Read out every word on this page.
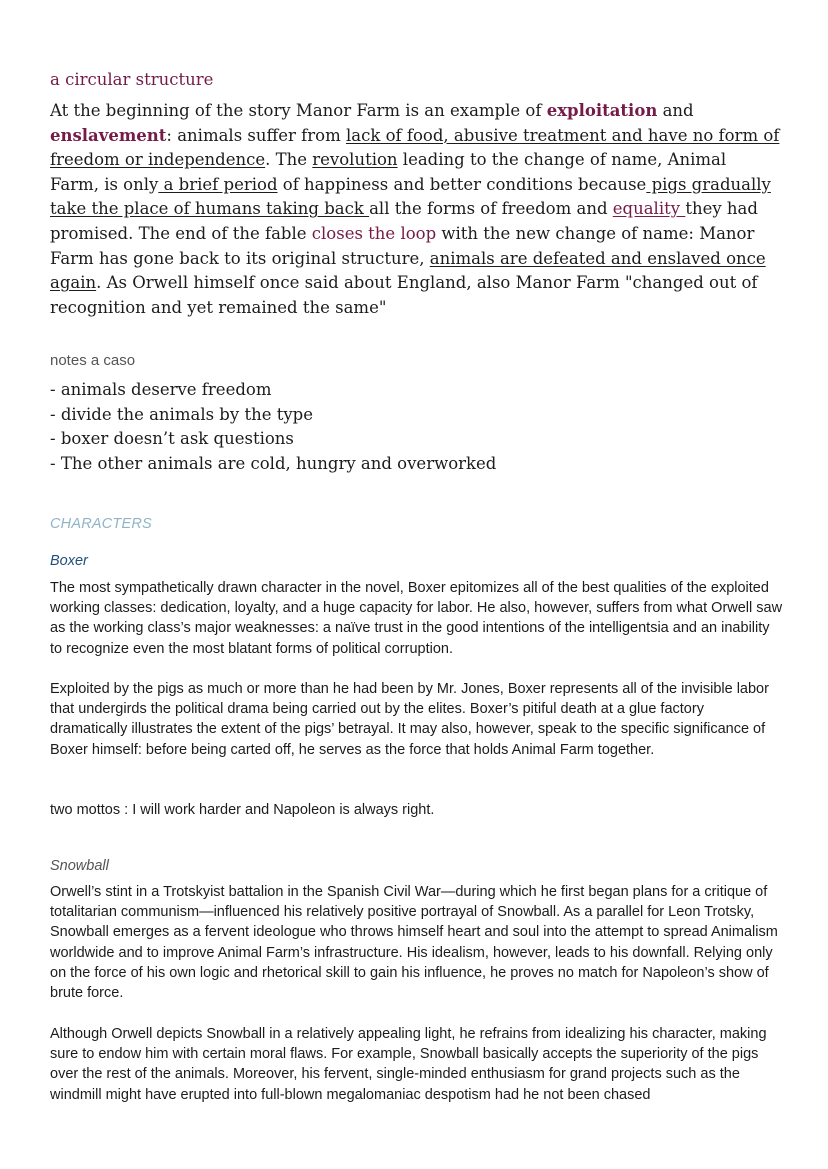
a circular structure

At the beginning of the story Manor Farm is an example of exploitation and enslavement: animals suffer from lack of food, abusive treatment and have no form of freedom or independence. The revolution leading to the change of name, Animal Farm, is only a brief period of happiness and better conditions because pigs gradually take the place of humans taking back all the forms of freedom and equality they had promised. The end of the fable closes the loop with the new change of name: Manor Farm has gone back to its original structure, animals are defeated and enslaved once again. As Orwell himself once said about England, also Manor Farm "changed out of recognition and yet remained the same"

notes a caso
- animals deserve freedom
- divide the animals by the type
- boxer doesn’t ask questions
- The other animals are cold, hungry and overworked
CHARACTERS
Boxer

The most sympathetically drawn character in the novel, Boxer epitomizes all of the best qualities of the exploited working classes: dedication, loyalty, and a huge capacity for labor. He also, however, suffers from what Orwell saw as the working class’s major weaknesses: a naïve trust in the good intentions of the intelligentsia and an inability to recognize even the most blatant forms of political corruption.

Exploited by the pigs as much or more than he had been by Mr. Jones, Boxer represents all of the invisible labor that undergirds the political drama being carried out by the elites. Boxer’s pitiful death at a glue factory dramatically illustrates the extent of the pigs’ betrayal. It may also, however, speak to the specific significance of Boxer himself: before being carted off, he serves as the force that holds Animal Farm together.

two mottos : I will work harder and Napoleon is always right.

Snowball

Orwell’s stint in a Trotskyist battalion in the Spanish Civil War—during which he first began plans for a critique of totalitarian communism—influenced his relatively positive portrayal of Snowball. As a parallel for Leon Trotsky, Snowball emerges as a fervent ideologue who throws himself heart and soul into the attempt to spread Animalism worldwide and to improve Animal Farm’s infrastructure. His idealism, however, leads to his downfall. Relying only on the force of his own logic and rhetorical skill to gain his influence, he proves no match for Napoleon’s show of brute force.

Although Orwell depicts Snowball in a relatively appealing light, he refrains from idealizing his character, making sure to endow him with certain moral flaws. For example, Snowball basically accepts the superiority of the pigs over the rest of the animals. Moreover, his fervent, single-minded enthusiasm for grand projects such as the windmill might have erupted into full-blown megalomaniac despotism had he not been chased
